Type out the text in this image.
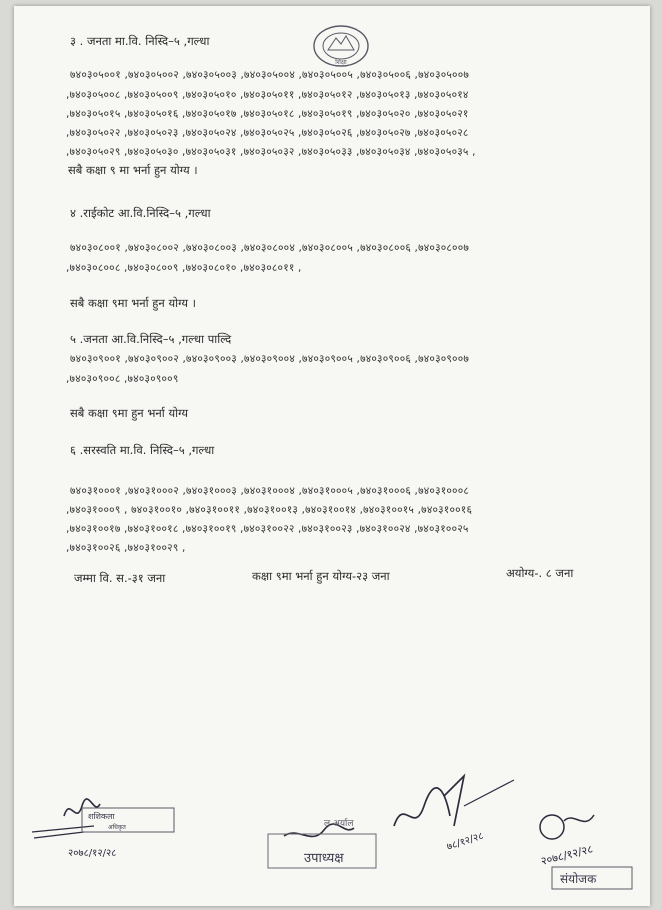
३ . जनता मा.वि. निस्दि–५ ,गल्धा
शिक्षा
७४०३०५००१ ,७४०३०५००२ ,७४०३०५००३ ,७४०३०५००४ ,७४०३०५००५ ,७४०३०५००६ ,७४०३०५००७
,७४०३०५००८ ,७४०३०५००९ ,७४०३०५०१० ,७४०३०५०११ ,७४०३०५०१२ ,७४०३०५०१३ ,७४०३०५०१४
,७४०३०५०१५ ,७४०३०५०१६ ,७४०३०५०१७ ,७४०३०५०१८ ,७४०३०५०१९ ,७४०३०५०२० ,७४०३०५०२१
,७४०३०५०२२ ,७४०३०५०२३ ,७४०३०५०२४ ,७४०३०५०२५ ,७४०३०५०२६ ,७४०३०५०२७ ,७४०३०५०२८
,७४०३०५०२९ ,७४०३०५०३० ,७४०३०५०३१ ,७४०३०५०३२ ,७४०३०५०३३ ,७४०३०५०३४ ,७४०३०५०३५ ,
सबै कक्षा ९ मा भर्ना हुन योग्य ।
४ .राईकोट आ.वि.निस्दि–५ ,गल्धा
७४०३०८००१ ,७४०३०८००२ ,७४०३०८००३ ,७४०३०८००४ ,७४०३०८००५ ,७४०३०८००६ ,७४०३०८००७
,७४०३०८००८ ,७४०३०८००९ ,७४०३०८०१० ,७४०३०८०११ ,
सबै कक्षा ९मा भर्ना हुन योग्य ।
५ .जनता आ.वि.निस्दि–५ ,गल्धा पाल्दि
७४०३०९००१ ,७४०३०९००२ ,७४०३०९००३ ,७४०३०९००४ ,७४०३०९००५ ,७४०३०९००६ ,७४०३०९००७
,७४०३०९००८ ,७४०३०९००९
सबै कक्षा ९मा हुन भर्ना योग्य
६ .सरस्वति मा.वि. निस्दि–५ ,गल्धा
७४०३१०००१ ,७४०३१०००२ ,७४०३१०००३ ,७४०३१०००४ ,७४०३१०००५ ,७४०३१०००६ ,७४०३१०००८
,७४०३१०००९ , ७४०३१००१० ,७४०३१००११ ,७४०३१००१३ ,७४०३१००१४ ,७४०३१००१५ ,७४०३१००१६
,७४०३१००१७ ,७४०३१००१८ ,७४०३१००१९ ,७४०३१००२२ ,७४०३१००२३ ,७४०३१००२४ ,७४०३१००२५
,७४०३१००२६ ,७४०३१००२९ ,
जम्मा वि. स.-३१ जना	कक्षा ९मा भर्ना हुन योग्य-२३ जना	अयोग्य-. ८ जना
शशिकला
अधिकृत
२०७८/१२/२८
ल अर्याल
उपाध्यक्ष
७८/१२/२८
२०७८/१२/२८
संयोजक
